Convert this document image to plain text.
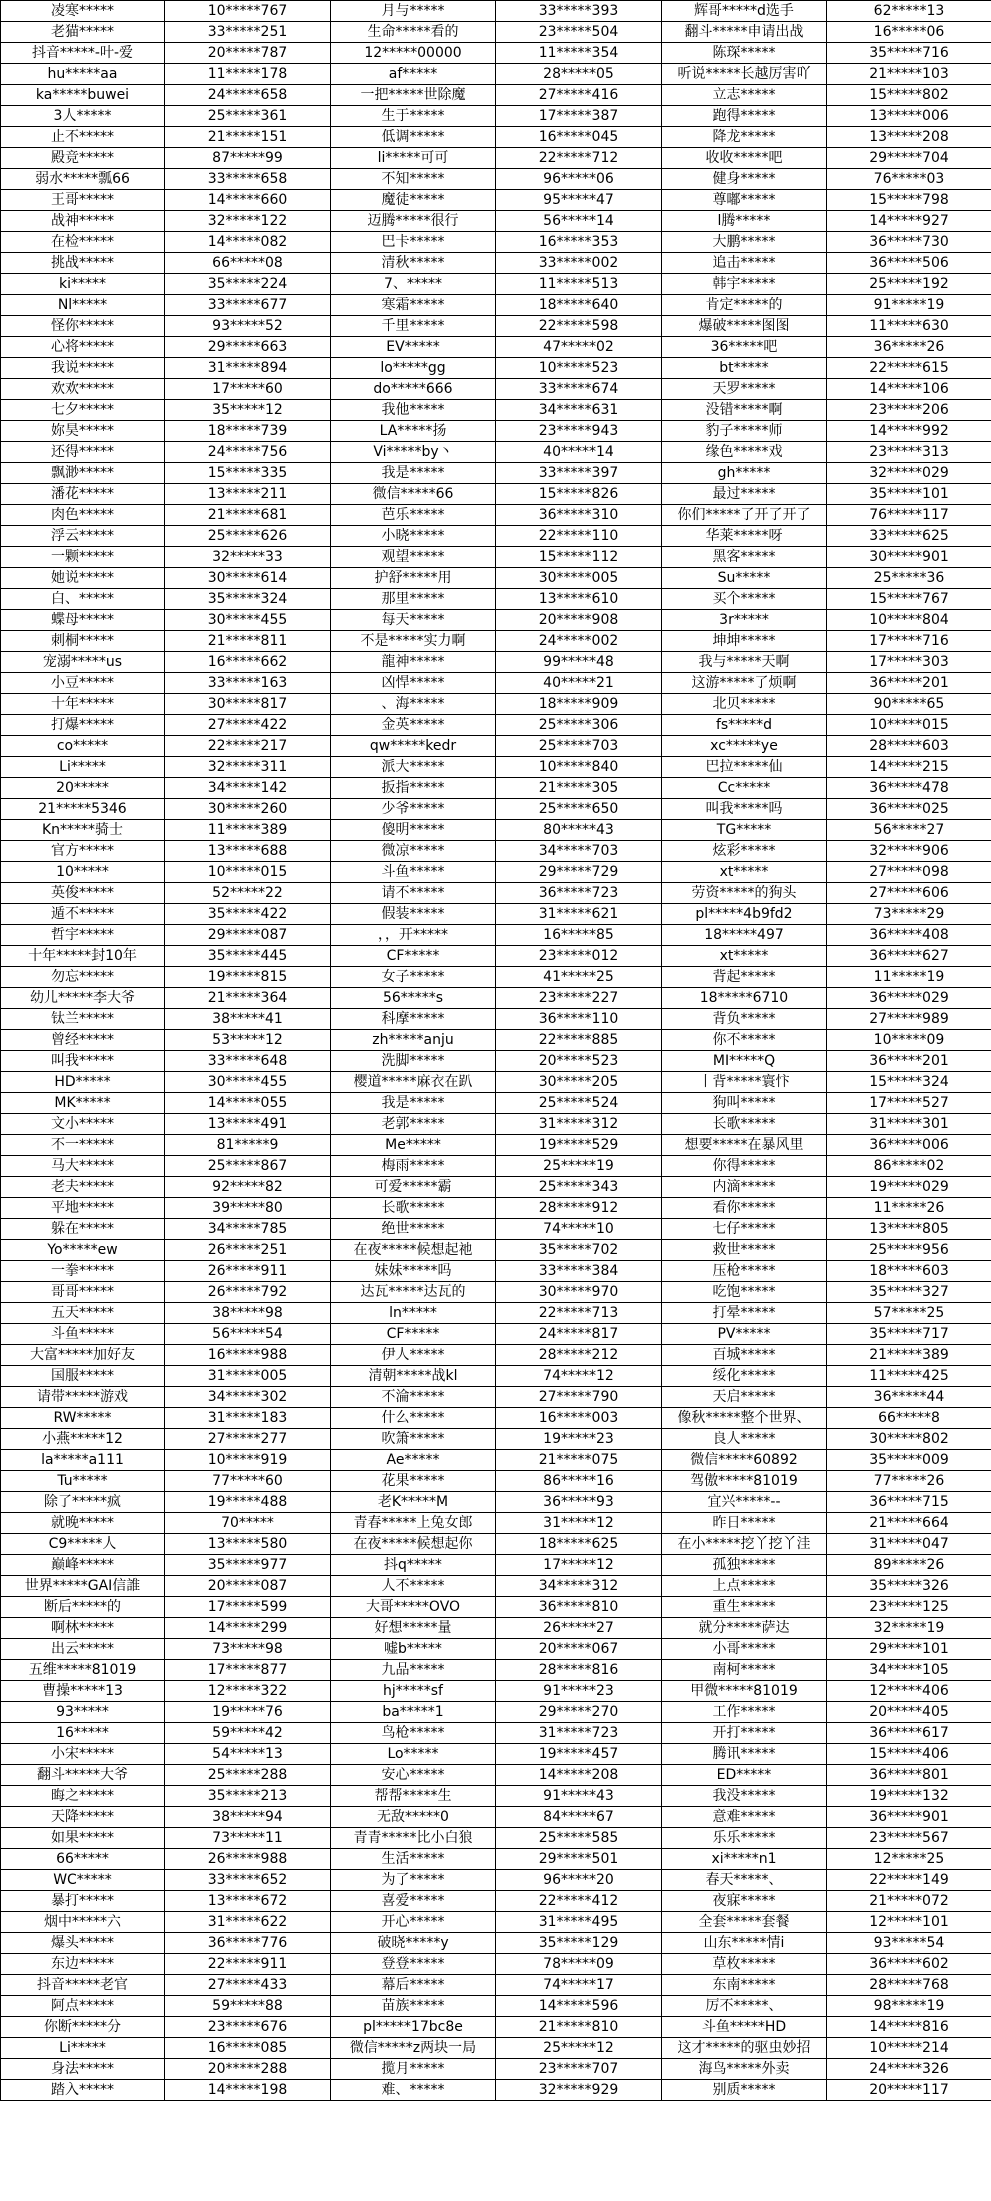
凌寒*****	10*****767	月与*****	33*****393	辉哥*****d选手	62*****13
老猫*****	33*****251	生命*****看的	23*****504	翻斗*****申请出战	16*****06
抖音*****-叶-爱	20*****787	12*****00000	11*****354	陈琛*****	35*****716
hu*****aa	11*****178	af*****	28*****05	听说*****长越厉害吖	21*****103
ka*****buwei	24*****658	一把*****世除魔	27*****416	立志*****	15*****802
3人*****	25*****361	生于*****	17*****387	跑得*****	13*****006
止不*****	21*****151	低调*****	16*****045	降龙*****	13*****208
殿竞*****	87*****99	li*****可可	22*****712	收收*****吧	29*****704
弱水*****瓢66	33*****658	不知*****	96*****06	健身*****	76*****03
王哥*****	14*****660	魔徒*****	95*****47	尊嘟*****	15*****798
战神*****	32*****122	迈腾*****很行	56*****14	l腾*****	14*****927
在检*****	14*****082	巴卡*****	16*****353	大鹏*****	36*****730
挑战*****	66*****08	清秋*****	33*****002	追击*****	36*****506
ki*****	35*****224	7、*****	11*****513	韩宇*****	25*****192
Nl*****	33*****677	寒霜*****	18*****640	肯定*****的	91*****19
怪你*****	93*****52	千里*****	22*****598	爆破*****图图	11*****630
心将*****	29*****663	EV*****	47*****02	36*****吧	36*****26
我说*****	31*****894	lo*****gg	10*****523	bt*****	22*****615
欢欢*****	17*****60	do*****666	33*****674	天罗*****	14*****106
七夕*****	35*****12	我他*****	34*****631	没错*****啊	23*****206
妳昊*****	18*****739	LA*****扬	23*****943	豹子*****师	14*****992
还得*****	24*****756	Vi*****by丶	40*****14	缘色*****戏	23*****313
飘渺*****	15*****335	我是*****	33*****397	gh*****	32*****029
潘花*****	13*****211	微信*****66	15*****826	最过*****	35*****101
肉色*****	21*****681	芭乐*****	36*****310	你们*****了开了开了	76*****117
浮云*****	25*****626	小晓*****	22*****110	华莱*****呀	33*****625
一颗*****	32*****33	观望*****	15*****112	黑客*****	30*****901
她说*****	30*****614	护舒*****用	30*****005	Su*****	25*****36
白、*****	35*****324	那里*****	13*****610	买个*****	15*****767
蝶母*****	30*****455	每天*****	20*****908	3r*****	10*****804
刺桐*****	21*****811	不是*****实力啊	24*****002	坤坤*****	17*****716
宠溺*****us	16*****662	龍神*****	99*****48	我与*****天啊	17*****303
小豆*****	33*****163	凶悍*****	40*****21	这游*****了烦啊	36*****201
十年*****	30*****817	、海*****	18*****909	北贝*****	90*****65
打爆*****	27*****422	金英*****	25*****306	fs*****d	10*****015
co*****	22*****217	qw*****kedr	25*****703	xc*****ye	28*****603
Li*****	32*****311	派大*****	10*****840	巴拉*****仙	14*****215
20*****	34*****142	扳指*****	21*****305	Cc*****	36*****478
21*****5346	30*****260	少爷*****	25*****650	叫我*****吗	36*****025
Kn*****骑士	11*****389	傻明*****	80*****43	TG*****	56*****27
官方*****	13*****688	微凉*****	34*****703	炫彩*****	32*****906
10*****	10*****015	斗鱼*****	29*****729	xt*****	27*****098
英俊*****	52*****22	请不*****	36*****723	劳资*****的狗头	27*****606
遁不*****	35*****422	假装*****	31*****621	pl*****4b9fd2	73*****29
哲宇*****	29*****087	，，开*****	16*****85	18*****497	36*****408
十年*****封10年	35*****445	CF*****	23*****012	xt*****	36*****627
勿忘*****	19*****815	女子*****	41*****25	背起*****	11*****19
幼儿*****李大爷	21*****364	56*****s	23*****227	18*****6710	36*****029
钛兰*****	38*****41	科摩*****	36*****110	背负*****	27*****989
曾经*****	53*****12	zh*****anju	22*****885	你不*****	10*****09
叫我*****	33*****648	洗脚*****	20*****523	MI*****Q	36*****201
HD*****	30*****455	樱道*****麻衣在趴	30*****205	丨背*****寰忭	15*****324
MK*****	14*****055	我是*****	25*****524	狗叫*****	17*****527
文小*****	13*****491	老郭*****	31*****312	长歌*****	31*****301
不一*****	81*****9	Me*****	19*****529	想要*****在暴风里	36*****006
马大*****	25*****867	梅雨*****	25*****19	你得*****	86*****02
老夫*****	92*****82	可爱*****霸	25*****343	内滴*****	19*****029
平地*****	39*****80	长歌*****	28*****912	看你*****	11*****26
躲在*****	34*****785	绝世*****	74*****10	七仔*****	13*****805
Yo*****ew	26*****251	在夜*****候想起祂	35*****702	救世*****	25*****956
一拳*****	26*****911	妹妹*****吗	33*****384	压枪*****	18*****603
哥哥*****	26*****792	达瓦*****达瓦的	30*****970	吃饱*****	35*****327
五天*****	38*****98	ln*****	22*****713	打晕*****	57*****25
斗鱼*****	56*****54	CF*****	24*****817	PV*****	35*****717
大富*****加好友	16*****988	伊人*****	28*****212	百城*****	21*****389
国服*****	31*****005	清朝*****战kl	74*****12	绥化*****	11*****425
请带*****游戏	34*****302	不淪*****	27*****790	天启*****	36*****44
RW*****	31*****183	什么*****	16*****003	像秋*****整个世界、	66*****8
小燕*****12	27*****277	吹箫*****	19*****23	良人*****	30*****802
la*****a111	10*****919	Ae*****	21*****075	微信*****60892	35*****009
Tu*****	77*****60	花果*****	86*****16	驾傲*****81019	77*****26
除了*****疯	19*****488	老K*****M	36*****93	宜兴*****--	36*****715
就晚*****	70*****	青春*****上兔女郎	31*****12	昨日*****	21*****664
C9*****人	13*****580	在夜*****候想起你	18*****625	在小*****挖丫挖丫洼	31*****047
巅峰*****	35*****977	抖q*****	17*****12	孤独*****	89*****26
世界*****GAI信誰	20*****087	人不*****	34*****312	上点*****	35*****326
断后*****的	17*****599	大哥*****OVO	36*****810	重生*****	23*****125
啊林*****	14*****299	好想*****量	26*****27	就分*****萨达	32*****19
出云*****	73*****98	嘘b*****	20*****067	小哥*****	29*****101
五维*****81019	17*****877	九品*****	28*****816	南柯*****	34*****105
曹操*****13	12*****322	hj*****sf	91*****23	甲微*****81019	12*****406
93*****	19*****76	ba*****1	29*****270	工作*****	20*****405
16*****	59*****42	鸟枪*****	31*****723	开打*****	36*****617
小宋*****	54*****13	Lo*****	19*****457	腾讯*****	15*****406
翻斗*****大爷	25*****288	安心*****	14*****208	ED*****	36*****801
晦之*****	35*****213	帮帮*****生	91*****43	我没*****	19*****132
天降*****	38*****94	无敌*****0	84*****67	意难*****	36*****901
如果*****	73*****11	青青*****比小白狼	25*****585	乐乐*****	23*****567
66*****	26*****988	生活*****	29*****501	xi*****n1	12*****25
WC*****	33*****652	为了*****	96*****20	春天*****、	22*****149
暴打*****	13*****672	喜爱*****	22*****412	夜寐*****	21*****072
烟中*****六	31*****622	开心*****	31*****495	全套*****套餐	12*****101
爆头*****	36*****776	破晓*****y	35*****129	山东*****情i	93*****54
东边*****	22*****911	登登*****	78*****09	草枚*****	36*****602
抖音*****老官	27*****433	幕后*****	74*****17	东南*****	28*****768
阿点*****	59*****88	苗族*****	14*****596	厉不*****、	98*****19
你断*****分	23*****676	pl*****17bc8e	21*****810	斗鱼*****HD	14*****816
Li*****	16*****085	微信*****z两块一局	25*****12	这才*****的驱虫妙招	10*****214
身法*****	20*****288	揽月*****	23*****707	海鸟*****外卖	24*****326
踏入*****	14*****198	难、*****	32*****929	别质*****	20*****117
